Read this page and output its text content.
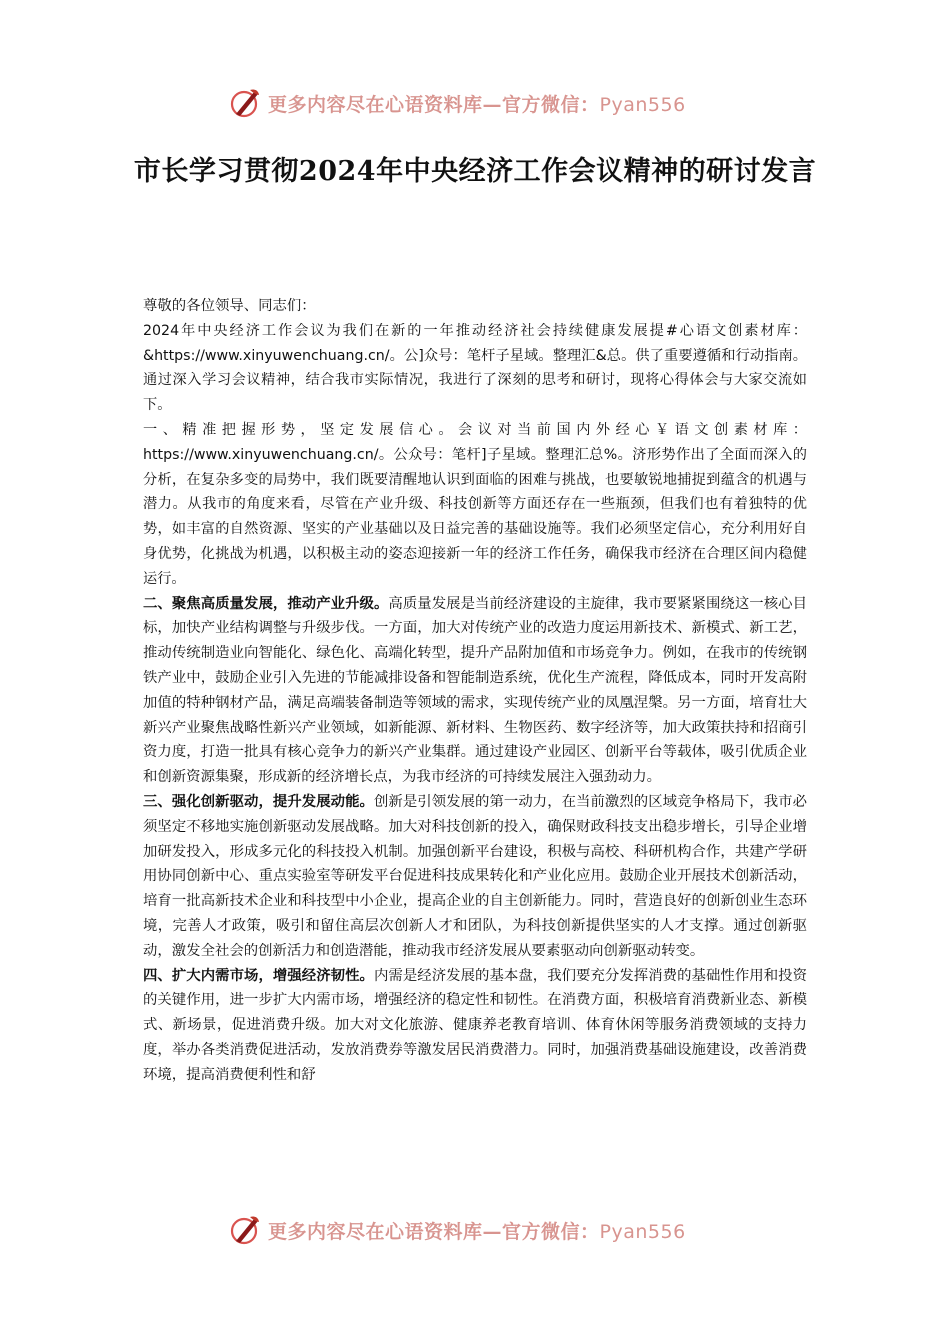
更多内容尽在心语资料库—官方微信：Pyan556
市长学习贯彻2024年中央经济工作会议精神的研讨发言

尊敬的各位领导、同志们：

2024年中央经济工作会议为我们在新的一年推动经济社会持续健康发展提#心语文创素材库：&https://www.xinyuwenchuang.cn/。公]众号：笔杆子星域。整理汇&总。供了重要遵循和行动指南。通过深入学习会议精神，结合我市实际情况，我进行了深刻的思考和研讨，现将心得体会与大家交流如下。

一、精准把握形势，坚定发展信心。会议对当前国内外经心￥语文创素材库：https://www.xinyuwenchuang.cn/。公众号：笔杆]子星域。整理汇总%。济形势作出了全面而深入的分析，在复杂多变的局势中，我们既要清醒地认识到面临的困难与挑战，也要敏锐地捕捉到蕴含的机遇与潜力。从我市的角度来看，尽管在产业升级、科技创新等方面还存在一些瓶颈，但我们也有着独特的优势，如丰富的自然资源、坚实的产业基础以及日益完善的基础设施等。我们必须坚定信心，充分利用好自身优势，化挑战为机遇，以积极主动的姿态迎接新一年的经济工作任务，确保我市经济在合理区间内稳健运行。

二、聚焦高质量发展，推动产业升级。高质量发展是当前经济建设的主旋律，我市要紧紧围绕这一核心目标，加快产业结构调整与升级步伐。一方面，加大对传统产业的改造力度运用新技术、新模式、新工艺，推动传统制造业向智能化、绿色化、高端化转型，提升产品附加值和市场竞争力。例如，在我市的传统钢铁产业中，鼓励企业引入先进的节能减排设备和智能制造系统，优化生产流程，降低成本，同时开发高附加值的特种钢材产品，满足高端装备制造等领域的需求，实现传统产业的凤凰涅槃。另一方面，培育壮大新兴产业聚焦战略性新兴产业领域，如新能源、新材料、生物医药、数字经济等，加大政策扶持和招商引资力度，打造一批具有核心竞争力的新兴产业集群。通过建设产业园区、创新平台等载体，吸引优质企业和创新资源集聚，形成新的经济增长点，为我市经济的可持续发展注入强劲动力。

三、强化创新驱动，提升发展动能。创新是引领发展的第一动力，在当前激烈的区域竞争格局下，我市必须坚定不移地实施创新驱动发展战略。加大对科技创新的投入，确保财政科技支出稳步增长，引导企业增加研发投入，形成多元化的科技投入机制。加强创新平台建设，积极与高校、科研机构合作，共建产学研用协同创新中心、重点实验室等研发平台促进科技成果转化和产业化应用。鼓励企业开展技术创新活动，培育一批高新技术企业和科技型中小企业，提高企业的自主创新能力。同时，营造良好的创新创业生态环境，完善人才政策，吸引和留住高层次创新人才和团队，为科技创新提供坚实的人才支撑。通过创新驱动，激发全社会的创新活力和创造潜能，推动我市经济发展从要素驱动向创新驱动转变。

四、扩大内需市场，增强经济韧性。内需是经济发展的基本盘，我们要充分发挥消费的基础性作用和投资的关键作用，进一步扩大内需市场，增强经济的稳定性和韧性。在消费方面，积极培育消费新业态、新模式、新场景，促进消费升级。加大对文化旅游、健康养老教育培训、体育休闲等服务消费领域的支持力度，举办各类消费促进活动，发放消费券等激发居民消费潜力。同时，加强消费基础设施建设，改善消费环境，提高消费便利性和舒

更多内容尽在心语资料库—官方微信：Pyan556
